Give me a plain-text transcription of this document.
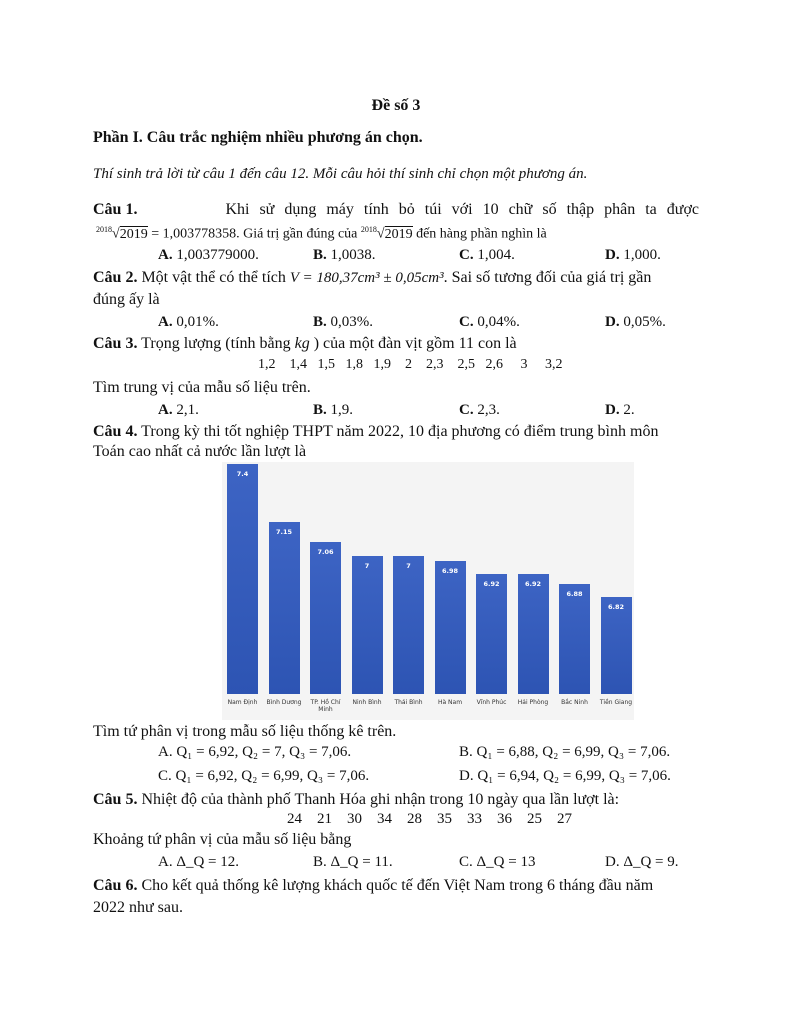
Đề số 3
Phần I. Câu trắc nghiệm nhiều phương án chọn.
Thí sinh trả lời từ câu 1 đến câu 12. Mỗi câu hỏi thí sinh chỉ chọn một phương án.
Câu 1.	Khi sử dụng máy tính bỏ túi với 10 chữ số thập phân ta được
$^{2018}$√2019 = 1,003778358. Giá trị gần đúng của $^{2018}$√2019 đến hàng phần nghìn là
A. 1,003779000.	B. 1,0038.	C. 1,004.	D. 1,000.
Câu 2. Một vật thể có thể tích V = 180,37cm³ ± 0,05cm³. Sai số tương đối của giá trị gần
đúng ấy là
A. 0,01%.	B. 0,03%.	C. 0,04%.	D. 0,05%.
Câu 3. Trọng lượng (tính bằng kg ) của một đàn vịt gồm 11 con là
1,2    1,4   1,5   1,8   1,9    2    2,3    2,5   2,6     3     3,2
Tìm trung vị của mẫu số liệu trên.
A. 2,1.	B. 1,9.	C. 2,3.	D. 2.
Câu 4. Trong kỳ thi tốt nghiệp THPT năm 2022, 10 địa phương có điểm trung bình môn
Toán cao nhất cả nước lần lượt là
7.4
Nam Định
7.15
Bình Dương
7.06
TP. Hồ Chí Minh
7
Ninh Bình
7
Thái Bình
6.98
Hà Nam
6.92
Vĩnh Phúc
6.92
Hải Phòng
6.88
Bắc Ninh
6.82
Tiền Giang
Tìm tứ phân vị trong mẫu số liệu thống kê trên.
A. Q₁ = 6,92, Q₂ = 7, Q₃ = 7,06.	B. Q₁ = 6,88, Q₂ = 6,99, Q₃ = 7,06.
C. Q₁ = 6,92, Q₂ = 6,99, Q₃ = 7,06.	D. Q₁ = 6,94, Q₂ = 6,99, Q₃ = 7,06.
Câu 5. Nhiệt độ của thành phố Thanh Hóa ghi nhận trong 10 ngày qua lần lượt là:
24    21    30    34    28    35    33    36    25    27
Khoảng tứ phân vị của mẫu số liệu bằng
A. Δ_Q = 12.	B. Δ_Q = 11.	C. Δ_Q = 13	D. Δ_Q = 9.
Câu 6. Cho kết quả thống kê lượng khách quốc tế đến Việt Nam trong 6 tháng đầu năm
2022 như sau.
